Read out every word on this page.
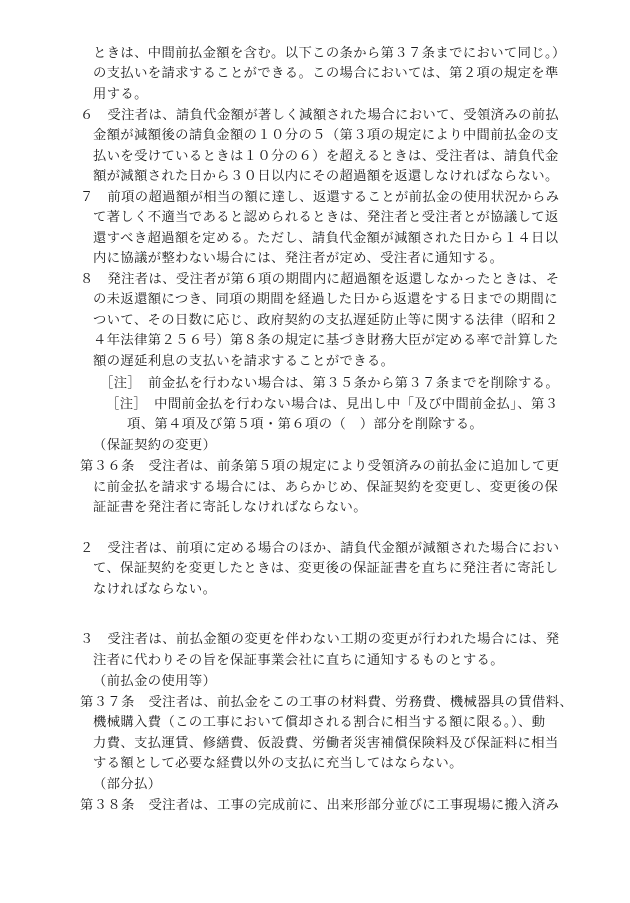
ときは、中間前払金額を含む。以下この条から第３７条までにおいて同じ。）
の支払いを請求することができる。この場合においては、第２項の規定を準
用する。
６　受注者は、請負代金額が著しく減額された場合において、受領済みの前払
金額が減額後の請負金額の１０分の５（第３項の規定により中間前払金の支
払いを受けているときは１０分の６）を超えるときは、受注者は、請負代金
額が減額された日から３０日以内にその超過額を返還しなければならない。
７　前項の超過額が相当の額に達し、返還することが前払金の使用状況からみ
て著しく不適当であると認められるときは、発注者と受注者とが協議して返
還すべき超過額を定める。ただし、請負代金額が減額された日から１４日以
内に協議が整わない場合には、発注者が定め、受注者に通知する。
８　発注者は、受注者が第６項の期間内に超過額を返還しなかったときは、そ
の未返還額につき、同項の期間を経過した日から返還をする日までの期間に
ついて、その日数に応じ、政府契約の支払遅延防止等に関する法律（昭和２
４年法律第２５６号）第８条の規定に基づき財務大臣が定める率で計算した
額の遅延利息の支払いを請求することができる。
［注］　前金払を行わない場合は、第３５条から第３７条までを削除する。
［注］　中間前金払を行わない場合は、見出し中「及び中間前金払」、第３
項、第４項及び第５項・第６項の（　）部分を削除する。
（保証契約の変更）
第３６条　受注者は、前条第５項の規定により受領済みの前払金に追加して更
に前金払を請求する場合には、あらかじめ、保証契約を変更し、変更後の保
証証書を発注者に寄託しなければならない。
２　受注者は、前項に定める場合のほか、請負代金額が減額された場合におい
て、保証契約を変更したときは、変更後の保証証書を直ちに発注者に寄託し
なければならない。
３　受注者は、前払金額の変更を伴わない工期の変更が行われた場合には、発
注者に代わりその旨を保証事業会社に直ちに通知するものとする。
（前払金の使用等）
第３７条　受注者は、前払金をこの工事の材料費、労務費、機械器具の賃借料、
機械購入費（この工事において償却される割合に相当する額に限る。）、動
力費、支払運賃、修繕費、仮設費、労働者災害補償保険料及び保証料に相当
する額として必要な経費以外の支払に充当してはならない。
（部分払）
第３８条　受注者は、工事の完成前に、出来形部分並びに工事現場に搬入済み
